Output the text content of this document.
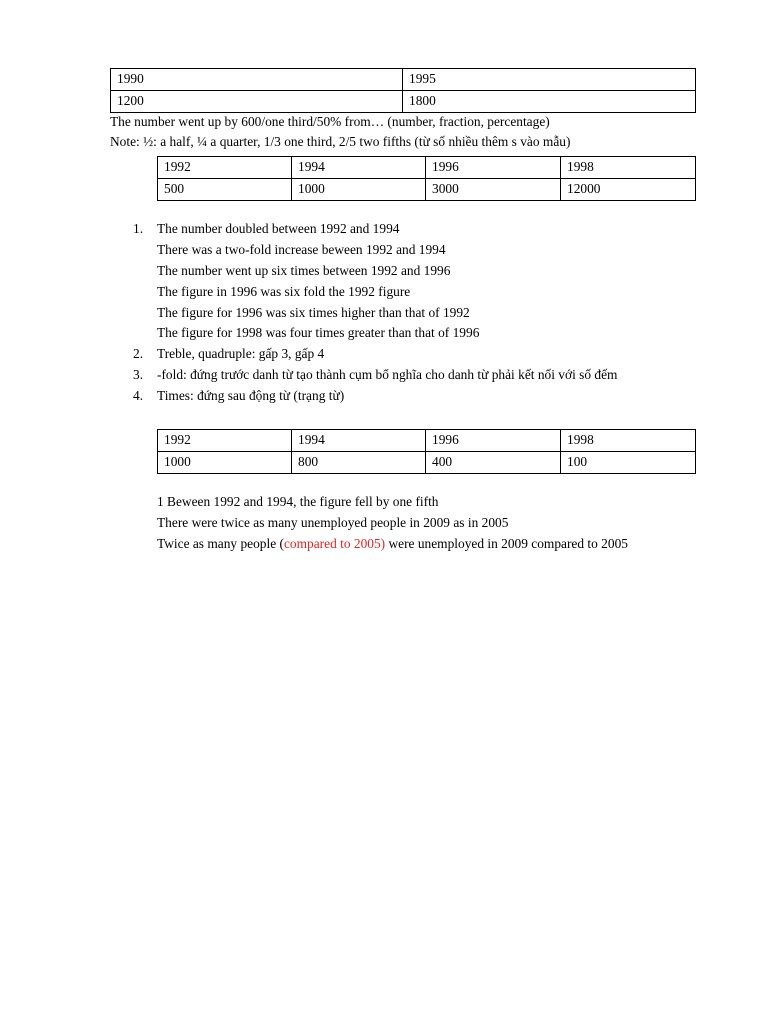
1990	1995
1200	1800
The number went up by 600/one third/50% from… (number, fraction, percentage)
Note: ½: a half, ¼ a quarter, 1/3 one third, 2/5 two fifths (từ số nhiều thêm s vào mẫu)
1992	1994	1996	1998
500	1000	3000	12000
1. The number doubled between 1992 and 1994
There was a two-fold increase beween 1992 and 1994
The number went up six times between 1992 and 1996
The figure in 1996 was six fold the 1992 figure
The figure for 1996 was six times higher than that of 1992
The figure for 1998 was four times greater than that of 1996
2. Treble, quadruple: gấp 3, gấp 4
3. -fold: đứng trước danh từ tạo thành cụm bổ nghĩa cho danh từ phải kết nối với số đếm
4. Times: đứng sau động từ (trạng từ)
1992	1994	1996	1998
1000	800	400	100
1 Beween 1992 and 1994, the figure fell by one fifth
There were twice as many unemployed people in 2009 as in 2005
Twice as many people (compared to 2005) were unemployed in 2009 compared to 2005
